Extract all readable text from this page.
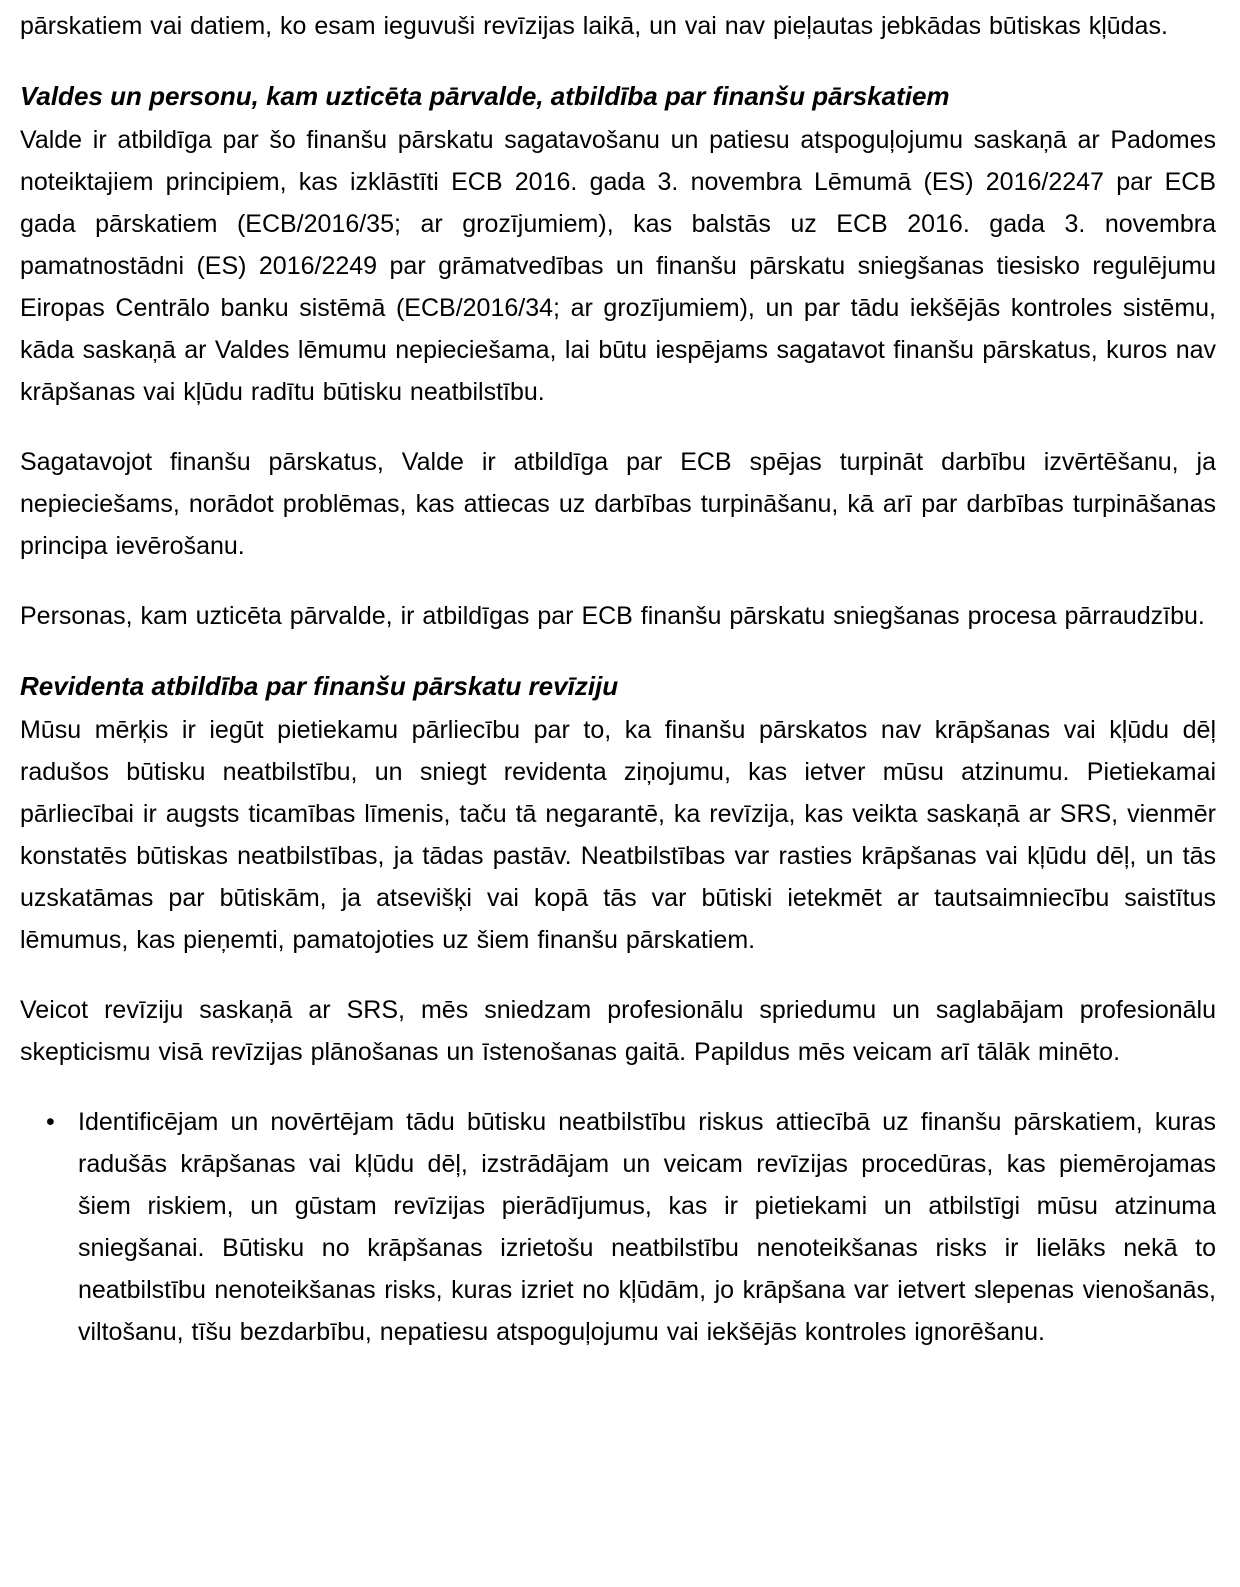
pārskatiem vai datiem, ko esam ieguvuši revīzijas laikā, un vai nav pieļautas jebkādas būtiskas kļūdas.

Valdes un personu, kam uzticēta pārvalde, atbildība par finanšu pārskatiem

Valde ir atbildīga par šo finanšu pārskatu sagatavošanu un patiesu atspoguļojumu saskaņā ar Padomes noteiktajiem principiem, kas izklāstīti ECB 2016. gada 3. novembra Lēmumā (ES) 2016/2247 par ECB gada pārskatiem (ECB/2016/35; ar grozījumiem), kas balstās uz ECB 2016. gada 3. novembra pamatnostādni (ES) 2016/2249 par grāmatvedības un finanšu pārskatu sniegšanas tiesisko regulējumu Eiropas Centrālo banku sistēmā (ECB/2016/34; ar grozījumiem), un par tādu iekšējās kontroles sistēmu, kāda saskaņā ar Valdes lēmumu nepieciešama, lai būtu iespējams sagatavot finanšu pārskatus, kuros nav krāpšanas vai kļūdu radītu būtisku neatbilstību.

Sagatavojot finanšu pārskatus, Valde ir atbildīga par ECB spējas turpināt darbību izvērtēšanu, ja nepieciešams, norādot problēmas, kas attiecas uz darbības turpināšanu, kā arī par darbības turpināšanas principa ievērošanu.

Personas, kam uzticēta pārvalde, ir atbildīgas par ECB finanšu pārskatu sniegšanas procesa pārraudzību.

Revidenta atbildība par finanšu pārskatu revīziju

Mūsu mērķis ir iegūt pietiekamu pārliecību par to, ka finanšu pārskatos nav krāpšanas vai kļūdu dēļ radušos būtisku neatbilstību, un sniegt revidenta ziņojumu, kas ietver mūsu atzinumu. Pietiekamai pārliecībai ir augsts ticamības līmenis, taču tā negarantē, ka revīzija, kas veikta saskaņā ar SRS, vienmēr konstatēs būtiskas neatbilstības, ja tādas pastāv. Neatbilstības var rasties krāpšanas vai kļūdu dēļ, un tās uzskatāmas par būtiskām, ja atsevišķi vai kopā tās var būtiski ietekmēt ar tautsaimniecību saistītus lēmumus, kas pieņemti, pamatojoties uz šiem finanšu pārskatiem.

Veicot revīziju saskaņā ar SRS, mēs sniedzam profesionālu spriedumu un saglabājam profesionālu skepticismu visā revīzijas plānošanas un īstenošanas gaitā. Papildus mēs veicam arī tālāk minēto.

• Identificējam un novērtējam tādu būtisku neatbilstību riskus attiecībā uz finanšu pārskatiem, kuras radušās krāpšanas vai kļūdu dēļ, izstrādājam un veicam revīzijas procedūras, kas piemērojamas šiem riskiem, un gūstam revīzijas pierādījumus, kas ir pietiekami un atbilstīgi mūsu atzinuma sniegšanai. Būtisku no krāpšanas izrietošu neatbilstību nenoteikšanas risks ir lielāks nekā to neatbilstību nenoteikšanas risks, kuras izriet no kļūdām, jo krāpšana var ietvert slepenas vienošanās, viltošanu, tīšu bezdarbību, nepatiesu atspoguļojumu vai iekšējās kontroles ignorēšanu.
